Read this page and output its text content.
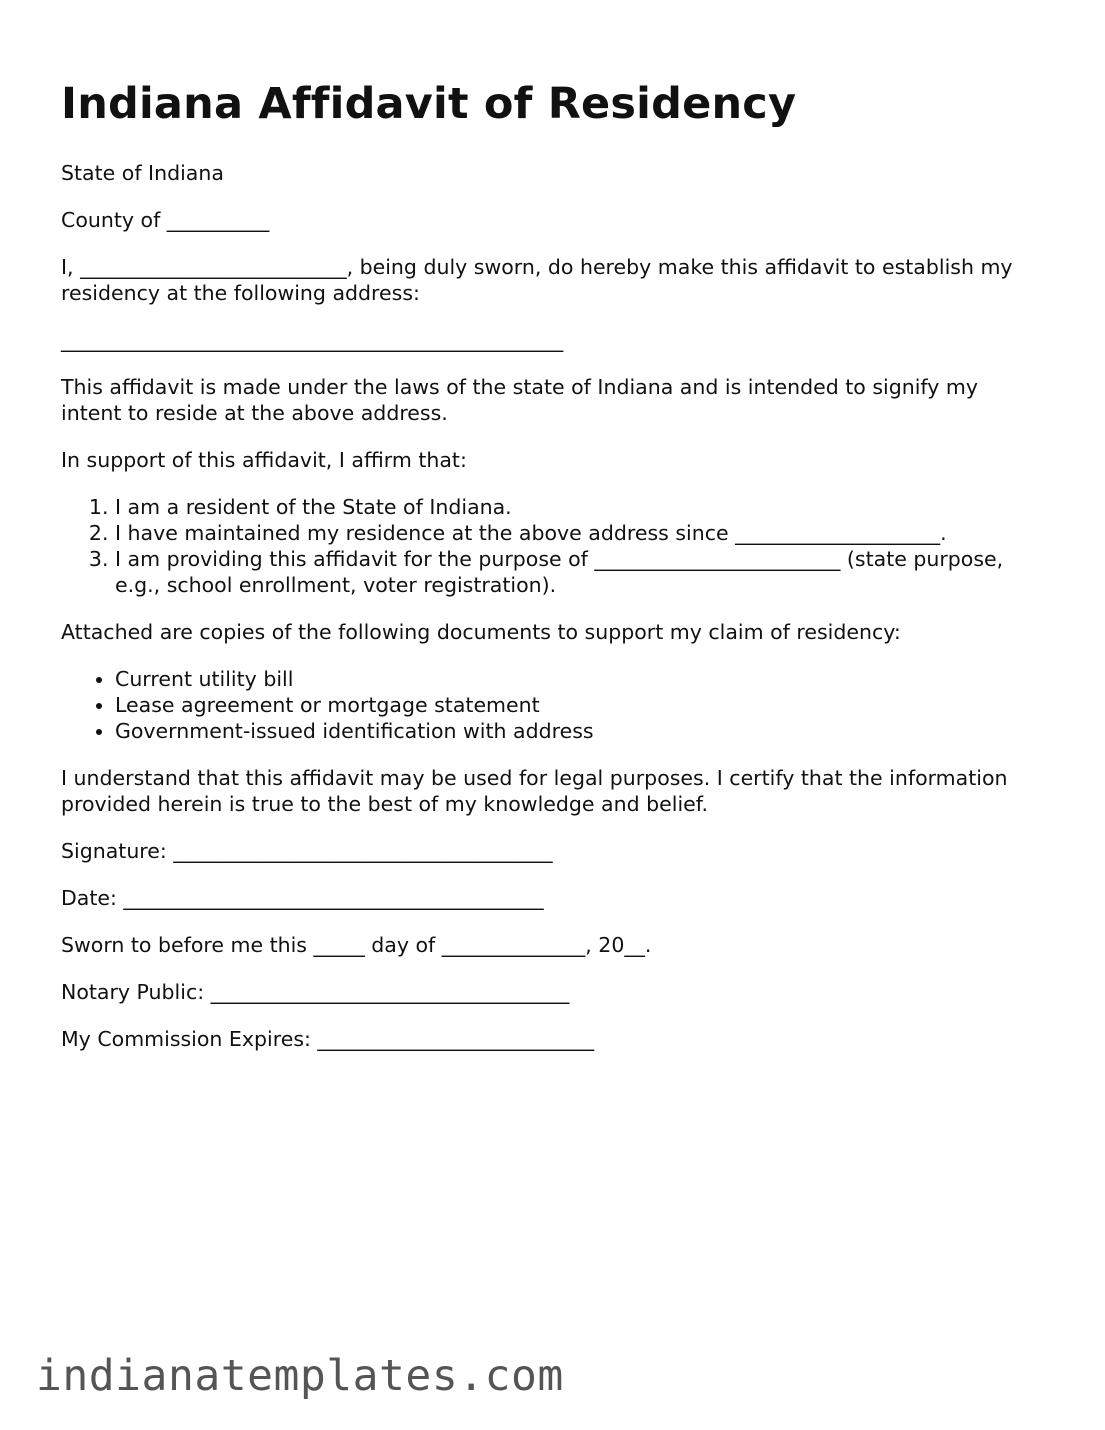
Indiana Affidavit of Residency

State of Indiana

County of __________

I, __________________________, being duly sworn, do hereby make this affidavit to establish my residency at the following address:

_________________________________________________

This affidavit is made under the laws of the state of Indiana and is intended to signify my intent to reside at the above address.

In support of this affidavit, I affirm that:

1. I am a resident of the State of Indiana.
2. I have maintained my residence at the above address since ____________________.
3. I am providing this affidavit for the purpose of ________________________ (state purpose, e.g., school enrollment, voter registration).

Attached are copies of the following documents to support my claim of residency:

• Current utility bill
• Lease agreement or mortgage statement
• Government-issued identification with address

I understand that this affidavit may be used for legal purposes. I certify that the information provided herein is true to the best of my knowledge and belief.

Signature: _____________________________________

Date: _________________________________________

Sworn to before me this _____ day of ______________, 20__.

Notary Public: ___________________________________

My Commission Expires: ___________________________

indianatemplates.com
